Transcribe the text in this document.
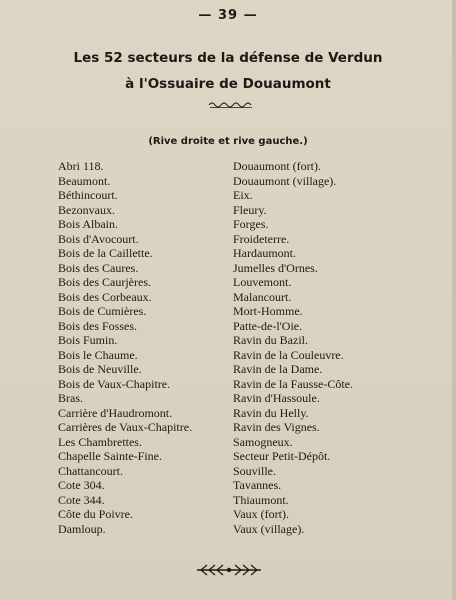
— 39 —
Les 52 secteurs de la défense de Verdun
à l'Ossuaire de Douaumont
(Rive droite et rive gauche.)
Abri 118.
Beaumont.
Béthincourt.
Bezonvaux.
Bois Albain.
Bois d'Avocourt.
Bois de la Caillette.
Bois des Caures.
Bois des Caurjères.
Bois des Corbeaux.
Bois de Cumières.
Bois des Fosses.
Bois Fumin.
Bois le Chaume.
Bois de Neuville.
Bois de Vaux-Chapitre.
Bras.
Carrière d'Haudromont.
Carrières de Vaux-Chapitre.
Les Chambrettes.
Chapelle Sainte-Fine.
Chattancourt.
Cote 304.
Cote 344.
Côte du Poivre.
Damloup.
Douaumont (fort).
Douaumont (village).
Eix.
Fleury.
Forges.
Froideterre.
Hardaumont.
Jumelles d'Ornes.
Louvemont.
Malancourt.
Mort-Homme.
Patte-de-l'Oie.
Ravin du Bazil.
Ravin de la Couleuvre.
Ravin de la Dame.
Ravin de la Fausse-Côte.
Ravin d'Hassoule.
Ravin du Helly.
Ravin des Vignes.
Samogneux.
Secteur Petit-Dépôt.
Souville.
Tavannes.
Thiaumont.
Vaux (fort).
Vaux (village).
